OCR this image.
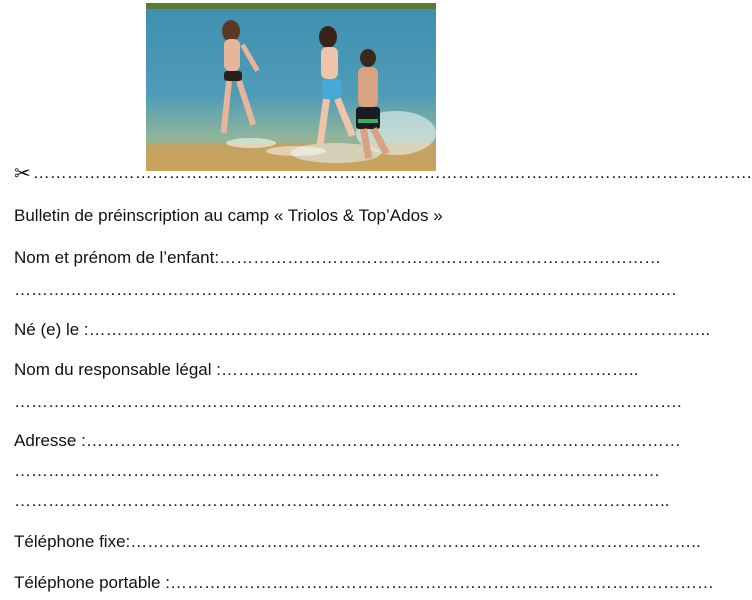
✂ ……………………………………………………………………………………………………………….
Bulletin de préinscription au camp « Triolos & Top’Ados »
Nom et prénom de l’enfant:……………………………………………………………………
………………………………………………………………………………………………………
Né (e) le :………………………………………………………………………………………………..
Nom du responsable légal :………………………………………………………………..
……………………………………………………………………………………………………….
Adresse :……………………………………………………………………………………………
……………………………………………………………………………………………………
……………………………………………………………………………………………………..
Téléphone fixe:………………………………………………………………………………………..
Téléphone portable :……………………………………………………………………………………
